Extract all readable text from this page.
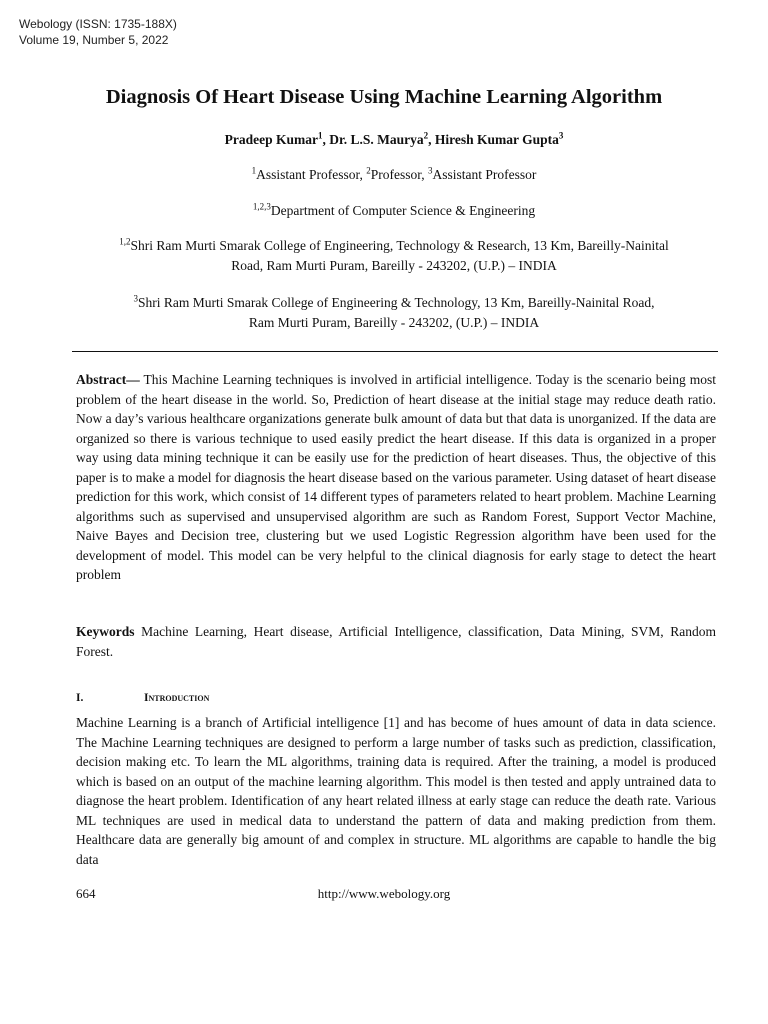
Webology (ISSN: 1735-188X)
Volume 19, Number 5, 2022
Diagnosis Of Heart Disease Using Machine Learning Algorithm
Pradeep Kumar$^1$, Dr. L.S. Maurya$^2$, Hiresh Kumar Gupta$^3$
$^1$Assistant Professor, $^2$Professor, $^3$Assistant Professor
$^{1,2,3}$Department of Computer Science & Engineering
$^{1,2}$Shri Ram Murti Smarak College of Engineering, Technology & Research, 13 Km, Bareilly-Nainital
Road, Ram Murti Puram, Bareilly - 243202, (U.P.) – INDIA
$^3$Shri Ram Murti Smarak College of Engineering & Technology, 13 Km, Bareilly-Nainital Road,
Ram Murti Puram, Bareilly - 243202, (U.P.) – INDIA
Abstract— This Machine Learning techniques is involved in artificial intelligence. Today is the scenario being most problem of the heart disease in the world. So, Prediction of heart disease at the initial stage may reduce death ratio. Now a day’s various healthcare organizations generate bulk amount of data but that data is unorganized. If the data are organized so there is various technique to used easily predict the heart disease. If this data is organized in a proper way using data mining technique it can be easily use for the prediction of heart diseases. Thus, the objective of this paper is to make a model for diagnosis the heart disease based on the various parameter. Using dataset of heart disease prediction for this work, which consist of 14 different types of parameters related to heart problem. Machine Learning algorithms such as supervised and unsupervised algorithm are such as Random Forest, Support Vector Machine, Naive Bayes and Decision tree, clustering but we used Logistic Regression algorithm have been used for the development of model. This model can be very helpful to the clinical diagnosis for early stage to detect the heart problem
Keywords Machine Learning, Heart disease, Artificial Intelligence, classification, Data Mining, SVM, Random Forest.
I.	Introduction
Machine Learning is a branch of Artificial intelligence [1] and has become of hues amount of data in data science. The Machine Learning techniques are designed to perform a large number of tasks such as prediction, classification, decision making etc. To learn the ML algorithms, training data is required. After the training, a model is produced which is based on an output of the machine learning algorithm. This model is then tested and apply untrained data to diagnose the heart problem. Identification of any heart related illness at early stage can reduce the death rate. Various ML techniques are used in medical data to understand the pattern of data and making prediction from them. Healthcare data are generally big amount of and complex in structure. ML algorithms are capable to handle the big data
664	http://www.webology.org
